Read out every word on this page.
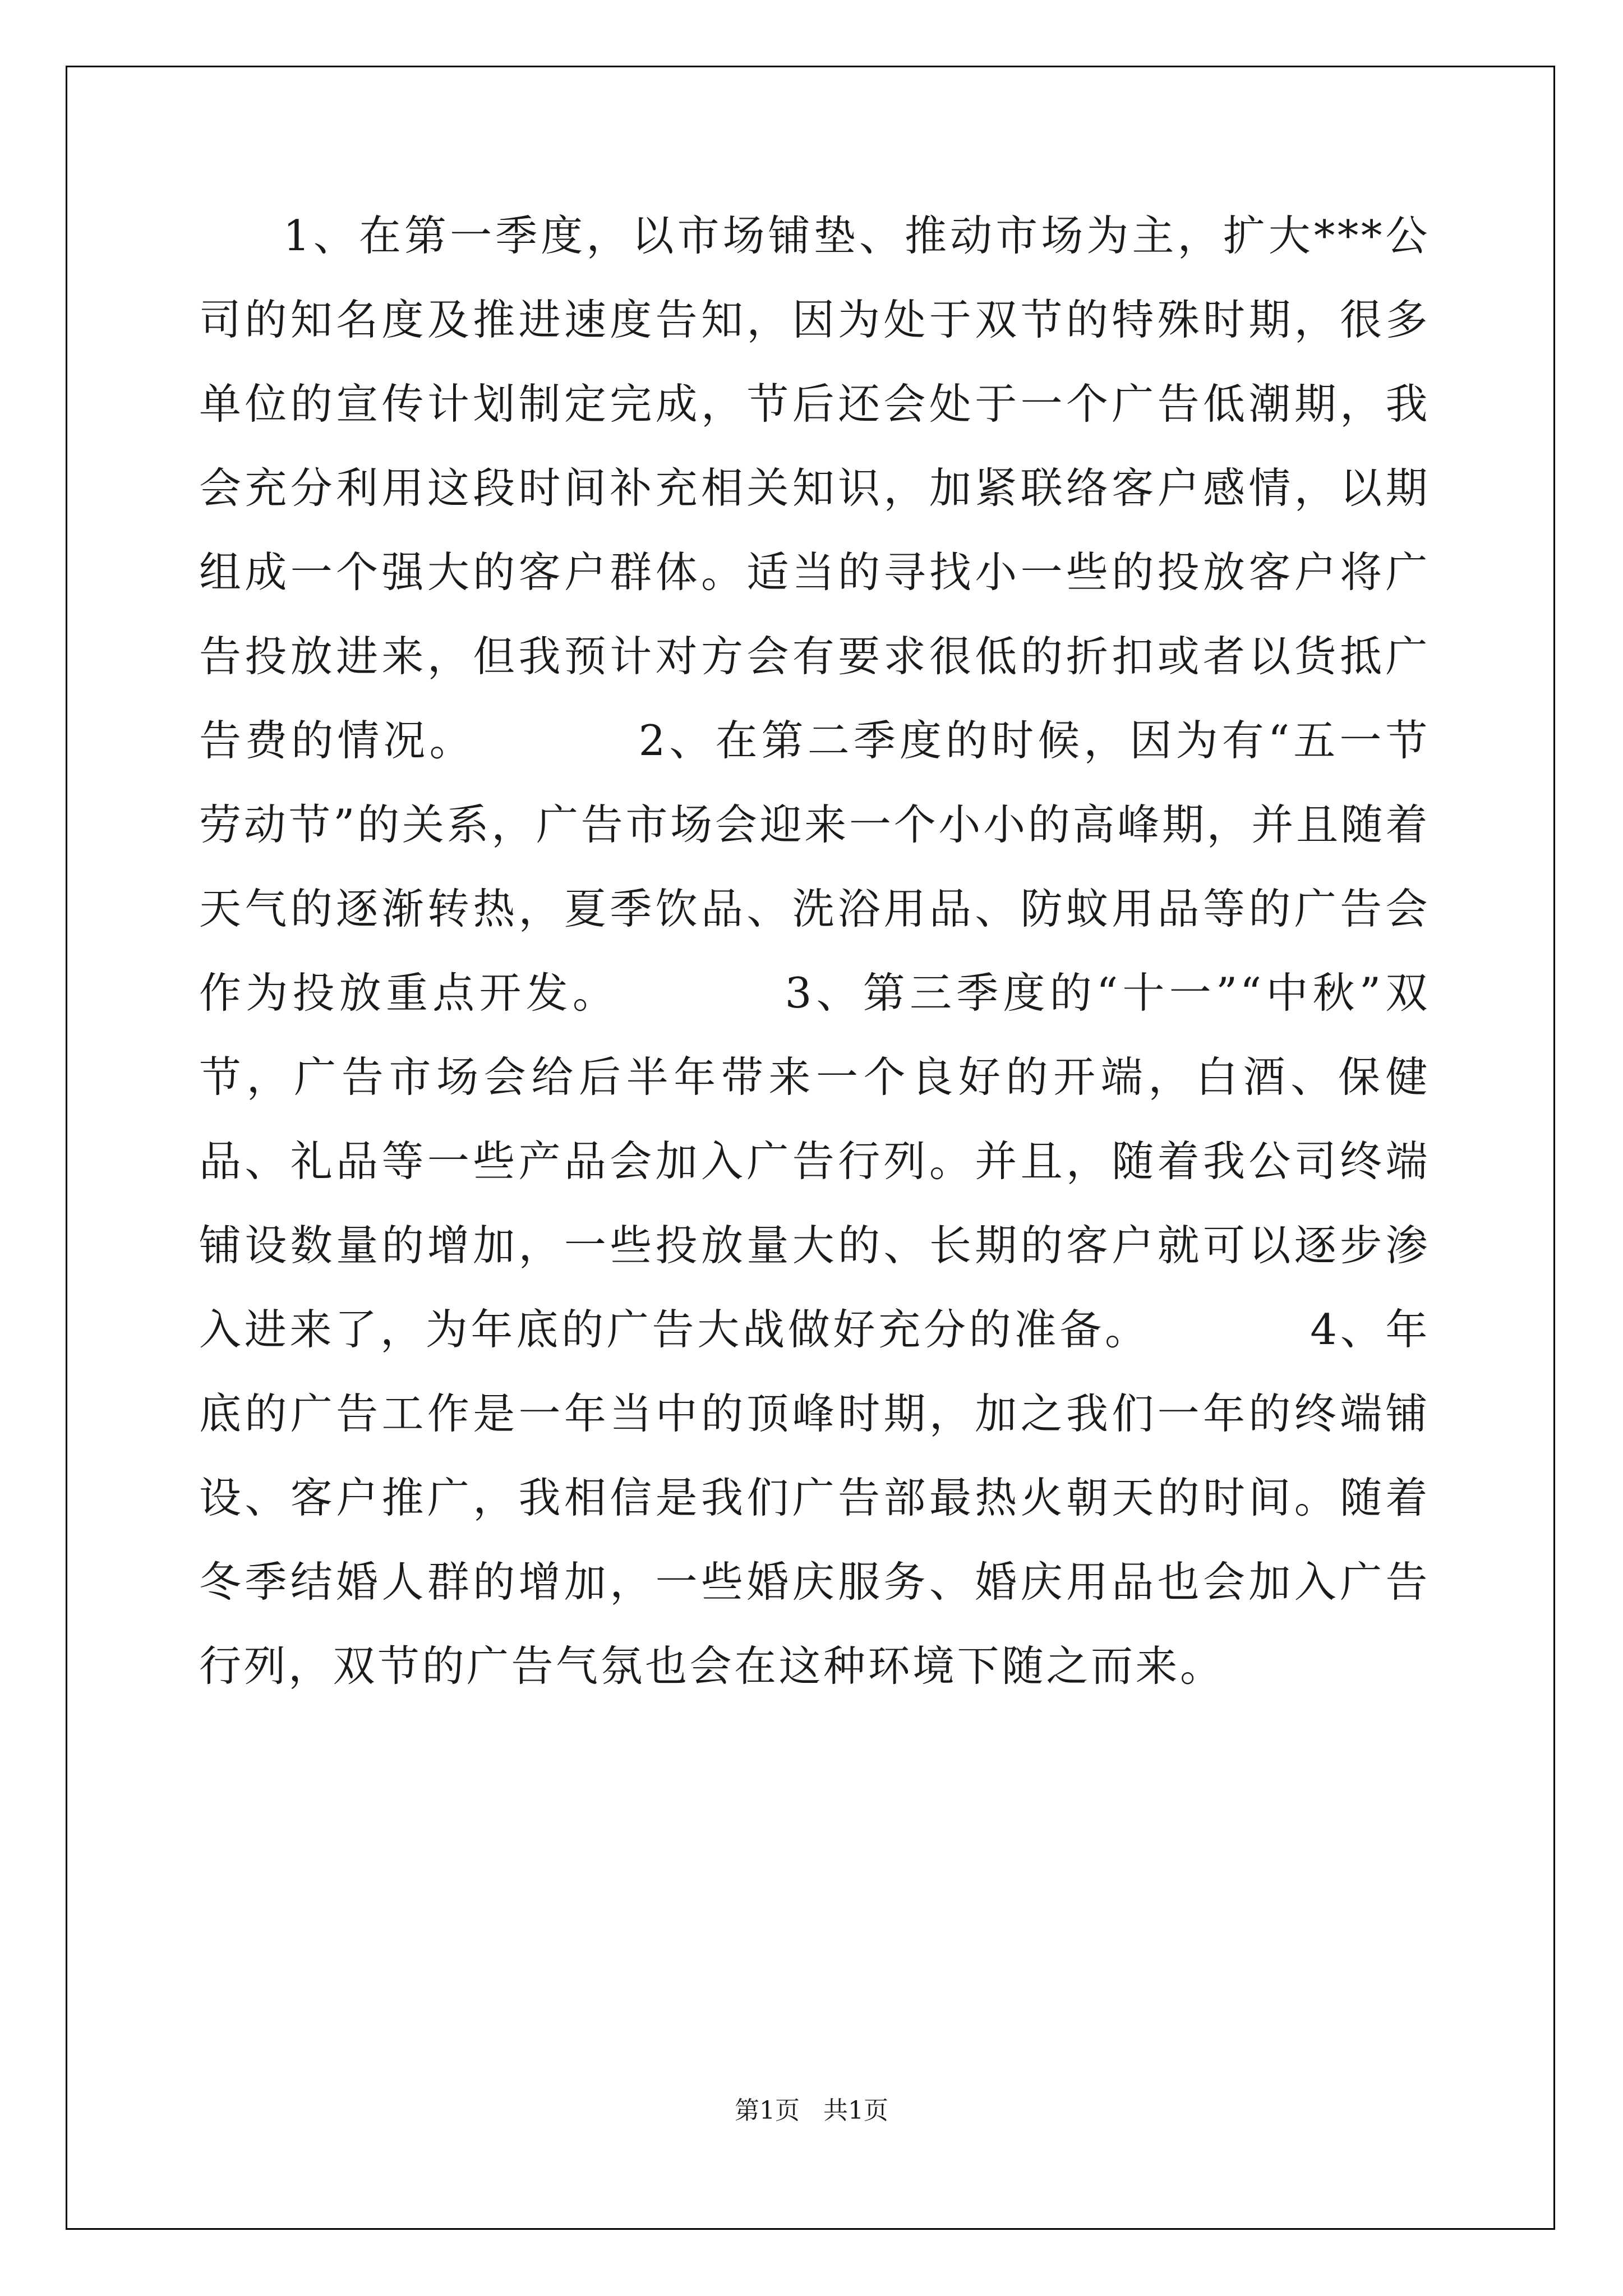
1、在第一季度，以市场铺垫、推动市场为主，扩大***公司的知名度及推进速度告知，因为处于双节的特殊时期，很多单位的宣传计划制定完成，节后还会处于一个广告低潮期，我会充分利用这段时间补充相关知识，加紧联络客户感情，以期组成一个强大的客户群体。适当的寻找小一些的投放客户将广告投放进来，但我预计对方会有要求很低的折扣或者以货抵广告费的情况。　　　　2、在第二季度的时候，因为有“五一节劳动节”的关系，广告市场会迎来一个小小的高峰期，并且随着天气的逐渐转热，夏季饮品、洗浴用品、防蚊用品等的广告会作为投放重点开发。　　　　3、第三季度的“十一”“中秋”双节，广告市场会给后半年带来一个良好的开端，白酒、保健品、礼品等一些产品会加入广告行列。并且，随着我公司终端铺设数量的增加，一些投放量大的、长期的客户就可以逐步渗入进来了，为年底的广告大战做好充分的准备。　　　　4、年底的广告工作是一年当中的顶峰时期，加之我们一年的终端铺设、客户推广，我相信是我们广告部最热火朝天的时间。随着冬季结婚人群的增加，一些婚庆服务、婚庆用品也会加入广告行列，双节的广告气氛也会在这种环境下随之而来。

第1页   共1页
